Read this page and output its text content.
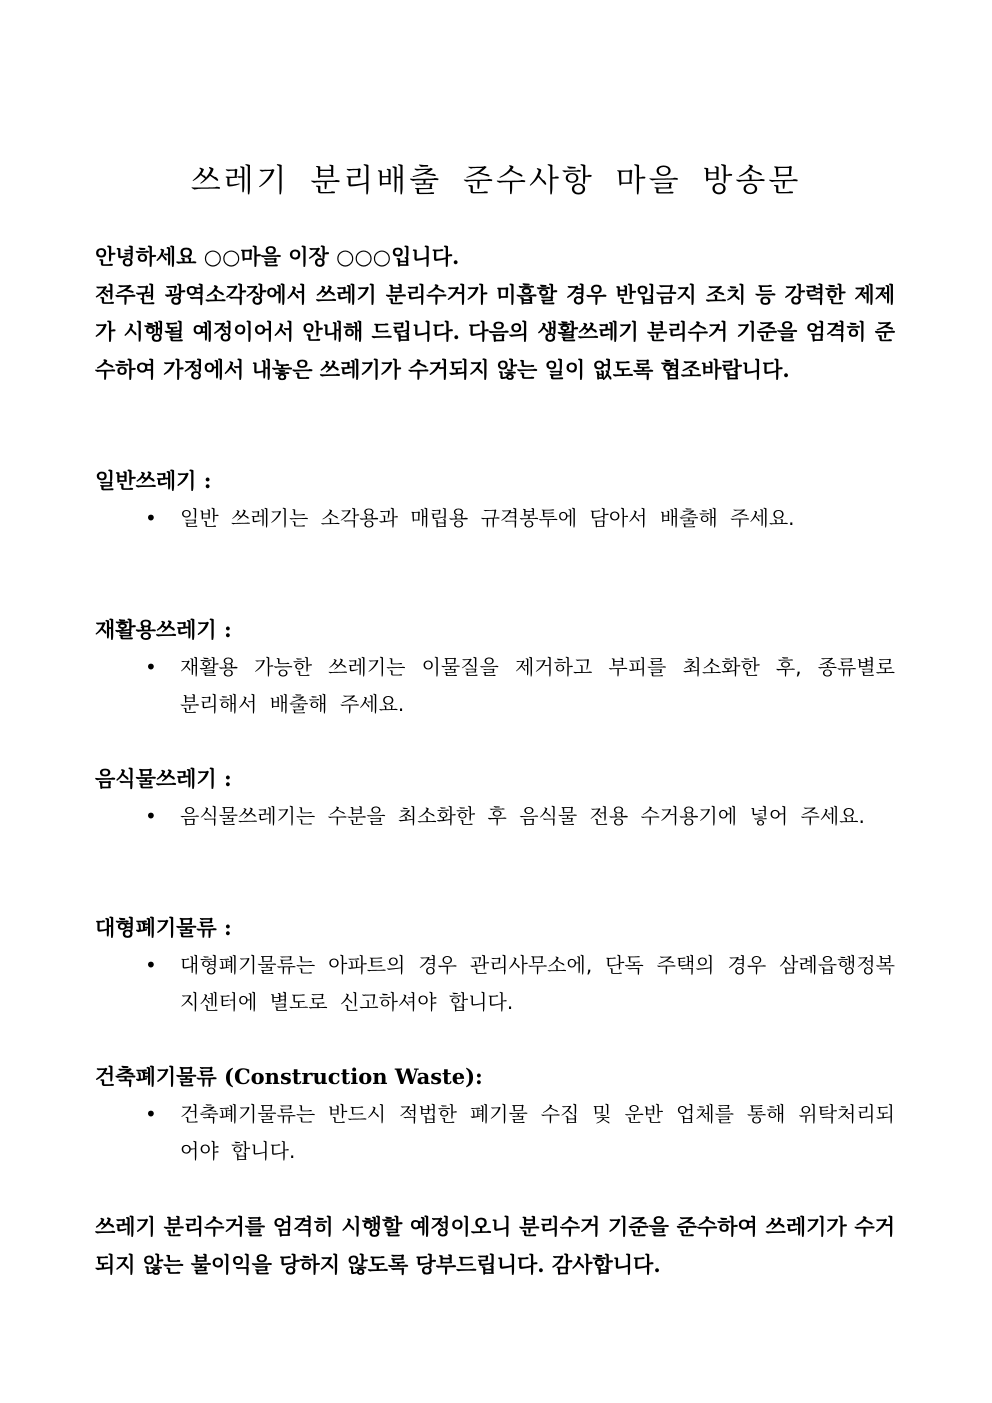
쓰레기 분리배출 준수사항 마을 방송문

안녕하세요 ○○마을 이장 ○○○입니다.

전주권 광역소각장에서 쓰레기 분리수거가 미흡할 경우 반입금지 조치 등 강력한 제제가 시행될 예정이어서 안내해 드립니다. 다음의 생활쓰레기 분리수거 기준을 엄격히 준수하여 가정에서 내놓은 쓰레기가 수거되지 않는 일이 없도록 협조바랍니다.

일반쓰레기 :

• 일반 쓰레기는 소각용과 매립용 규격봉투에 담아서 배출해 주세요.

재활용쓰레기 :

• 재활용 가능한 쓰레기는 이물질을 제거하고 부피를 최소화한 후, 종류별로 분리해서 배출해 주세요.

음식물쓰레기 :

• 음식물쓰레기는 수분을 최소화한 후 음식물 전용 수거용기에 넣어 주세요.

대형폐기물류 :

• 대형폐기물류는 아파트의 경우 관리사무소에, 단독 주택의 경우 삼례읍행정복지센터에 별도로 신고하셔야 합니다.

건축폐기물류 (Construction Waste):

• 건축폐기물류는 반드시 적법한 폐기물 수집 및 운반 업체를 통해 위탁처리되어야 합니다.

쓰레기 분리수거를 엄격히 시행할 예정이오니 분리수거 기준을 준수하여 쓰레기가 수거되지 않는 불이익을 당하지 않도록 당부드립니다. 감사합니다.
